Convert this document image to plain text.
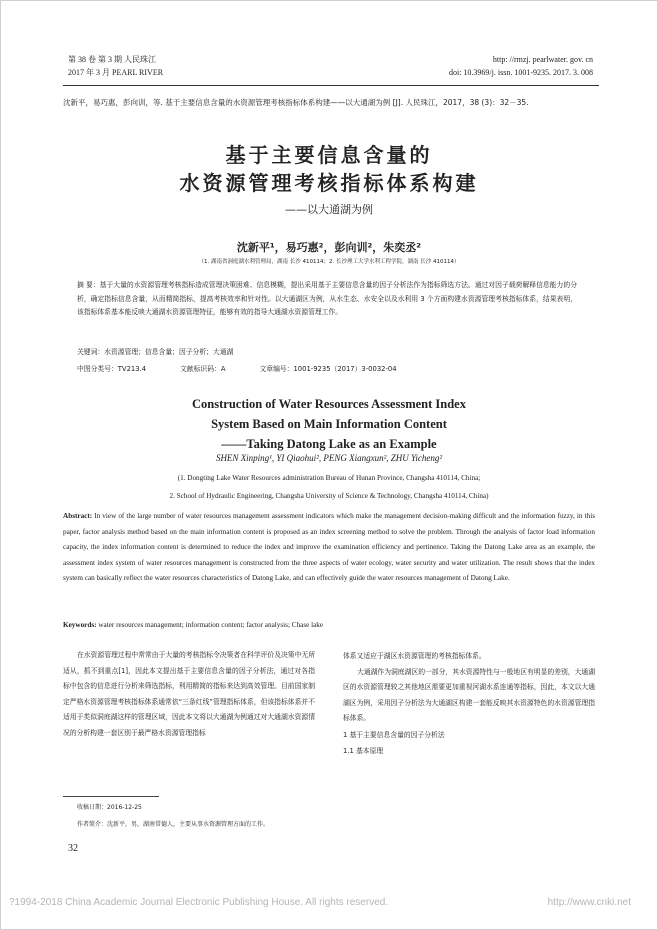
第 38 卷 第 3 期 人民珠江
2017 年 3 月 PEARL RIVER
http: //rmzj. pearlwater. gov. cn
doi: 10.3969/j. issn. 1001-9235. 2017. 3. 008
沈新平，易巧惠，彭向训，等. 基于主要信息含量的水资源管理考核指标体系构建——以大通湖为例 [J]. 人民珠江，2017，38 (3)：32－35.
基于主要信息含量的
水资源管理考核指标体系构建
——以大通湖为例
沈新平¹，易巧惠²，彭向训²，朱奕丞²
（1. 湖南省洞庭湖水利管理局，湖南 长沙 410114；2. 长沙理工大学水利工程学院，湖南 长沙 410114）
摘 要：基于大量的水资源管理考核指标造成管理决策困难、信息模糊，提出采用基于主要信息含量的因子分析法作为指标筛选方法。通过对因子载荷解释信息能力的分析，确定指标信息含量，从而精简指标，提高考核效率和针对性。以大通湖区为例，从水生态、水安全以及水利用 3 个方面构建水资源管理考核指标体系，结果表明，该指标体系基本能反映大通湖水资源管理特征，能够有效的指导大通湖水资源管理工作。
关键词：水资源管理；信息含量；因子分析；大通湖
中图分类号：TV213.4	文献标识码：A	文章编号：1001-9235（2017）3-0032-04
Construction of Water Resources Assessment Index
System Based on Main Information Content
——Taking Datong Lake as an Example
SHEN Xinping¹, YI Qiaohui², PENG Xiangxun², ZHU Yicheng²
(1. Dongting Lake Water Resources administration Bureau of Hunan Province, Changsha 410114, China;
2. School of Hydraulic Engineering, Changsha University of Science & Technology, Changsha 410114, China)
Abstract: In view of the large number of water resources management assessment indicators which make the management decision-making difficult and the information fuzzy, in this paper, factor analysis method based on the main information content is proposed as an index screening method to solve the problem. Through the analysis of factor load information capacity, the index information content is determined to reduce the index and improve the examination efficiency and pertinence. Taking the Datong Lake area as an example, the assessment index system of water resources management is constructed from the three aspects of water ecology, water security and water utilization. The result shows that the index system can basically reflect the water resources characteristics of Datong Lake, and can effectively guide the water resources management of Datong Lake.
Keywords: water resources management; information content; factor analysis; Chase lake

在水资源管理过程中常常由于大量的考核指标令决策者在科学评价及决策中无所适从，抓不到重点[1]，因此本文提出基于主要信息含量的因子分析法，通过对各指标中包含的信息进行分析来筛选指标，利用精简的指标来达到高效管理。目前国家制定严格水资源管理考核指标体系通常依“三条红线”管理指标体系，但该指标体系并不适用于类似洞庭湖这样的管理区域，因此本文将以大通湖为例通过对大通湖水资源情况的分析构建一套区别于最严格水资源管理指标

体系又适应于湖区水资源管理的考核指标体系。

大通湖作为洞庭湖区的一部分，其水资源特性与一般地区有明显的差别，大通湖区的水资源管理较之其他地区需要更加重视河湖水系连通等指标，因此，本文以大通湖区为例，采用因子分析法为大通湖区构建一套能反映其水资源特色的水资源管理指标体系。

1 基于主要信息含量的因子分析法

1.1 基本原理

收稿日期：2016-12-25
作者简介：沈新平，男，湖南常德人，主要从事水资源管理方面的工作。
32
?1994-2018 China Academic Journal Electronic Publishing House. All rights reserved.	http://www.cnki.net
